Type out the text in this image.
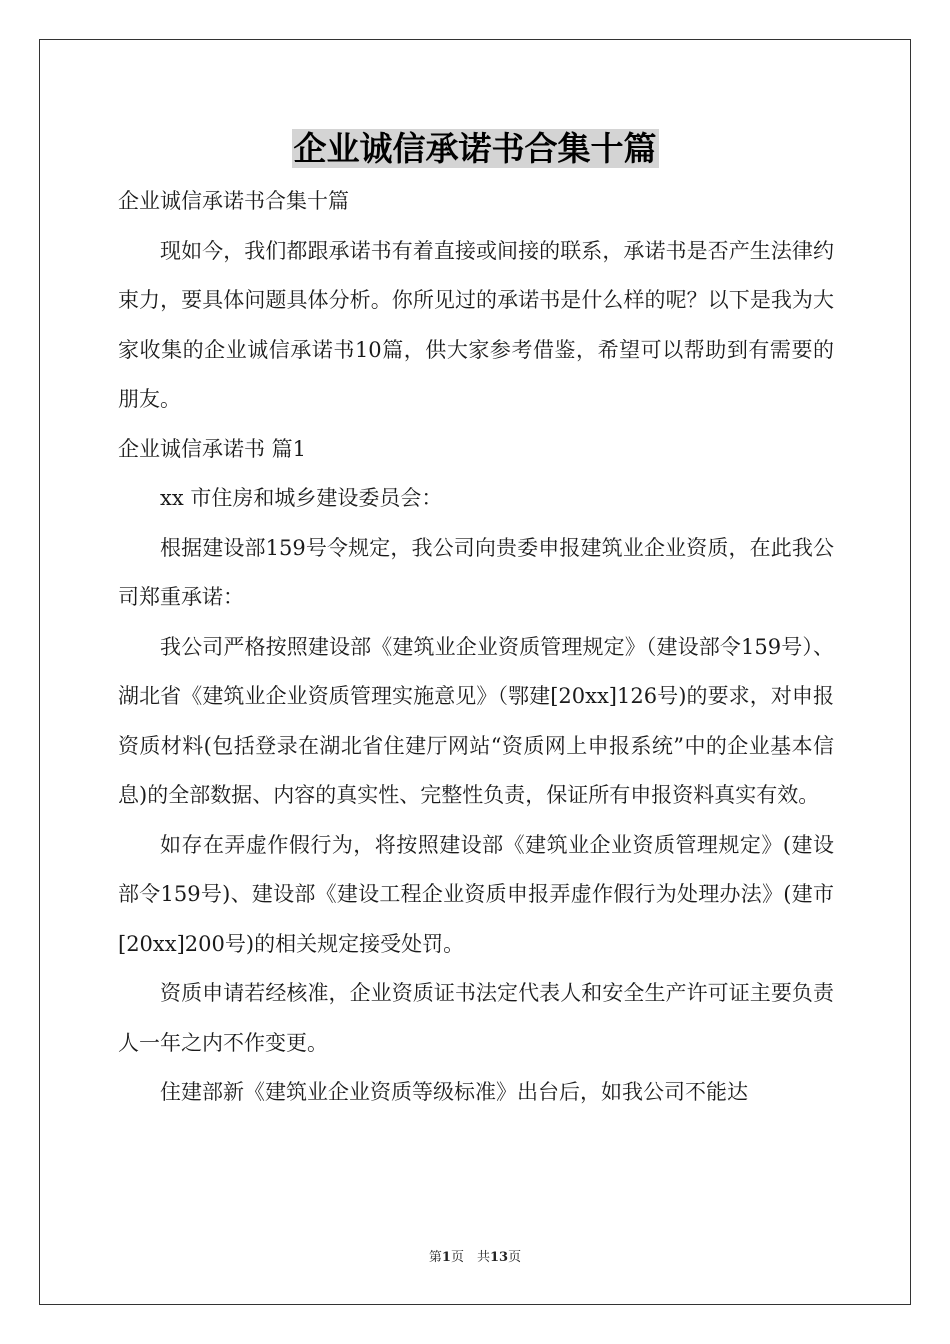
企业诚信承诺书合集十篇

企业诚信承诺书合集十篇

现如今，我们都跟承诺书有着直接或间接的联系，承诺书是否产生法律约束力，要具体问题具体分析。你所见过的承诺书是什么样的呢？以下是我为大家收集的企业诚信承诺书10篇，供大家参考借鉴，希望可以帮助到有需要的朋友。

企业诚信承诺书 篇1

xx 市住房和城乡建设委员会：

根据建设部159号令规定，我公司向贵委申报建筑业企业资质，在此我公司郑重承诺：

我公司严格按照建设部《建筑业企业资质管理规定》（建设部令159号）、湖北省《建筑业企业资质管理实施意见》（鄂建[20xx]126号)的要求，对申报资质材料(包括登录在湖北省住建厅网站“资质网上申报系统”中的企业基本信息)的全部数据、内容的真实性、完整性负责，保证所有申报资料真实有效。

如存在弄虚作假行为，将按照建设部《建筑业企业资质管理规定》(建设部令159号)、建设部《建设工程企业资质申报弄虚作假行为处理办法》(建市[20xx]200号)的相关规定接受处罚。

资质申请若经核准，企业资质证书法定代表人和安全生产许可证主要负责人一年之内不作变更。

住建部新《建筑业企业资质等级标准》出台后，如我公司不能达

第1页　共13页
